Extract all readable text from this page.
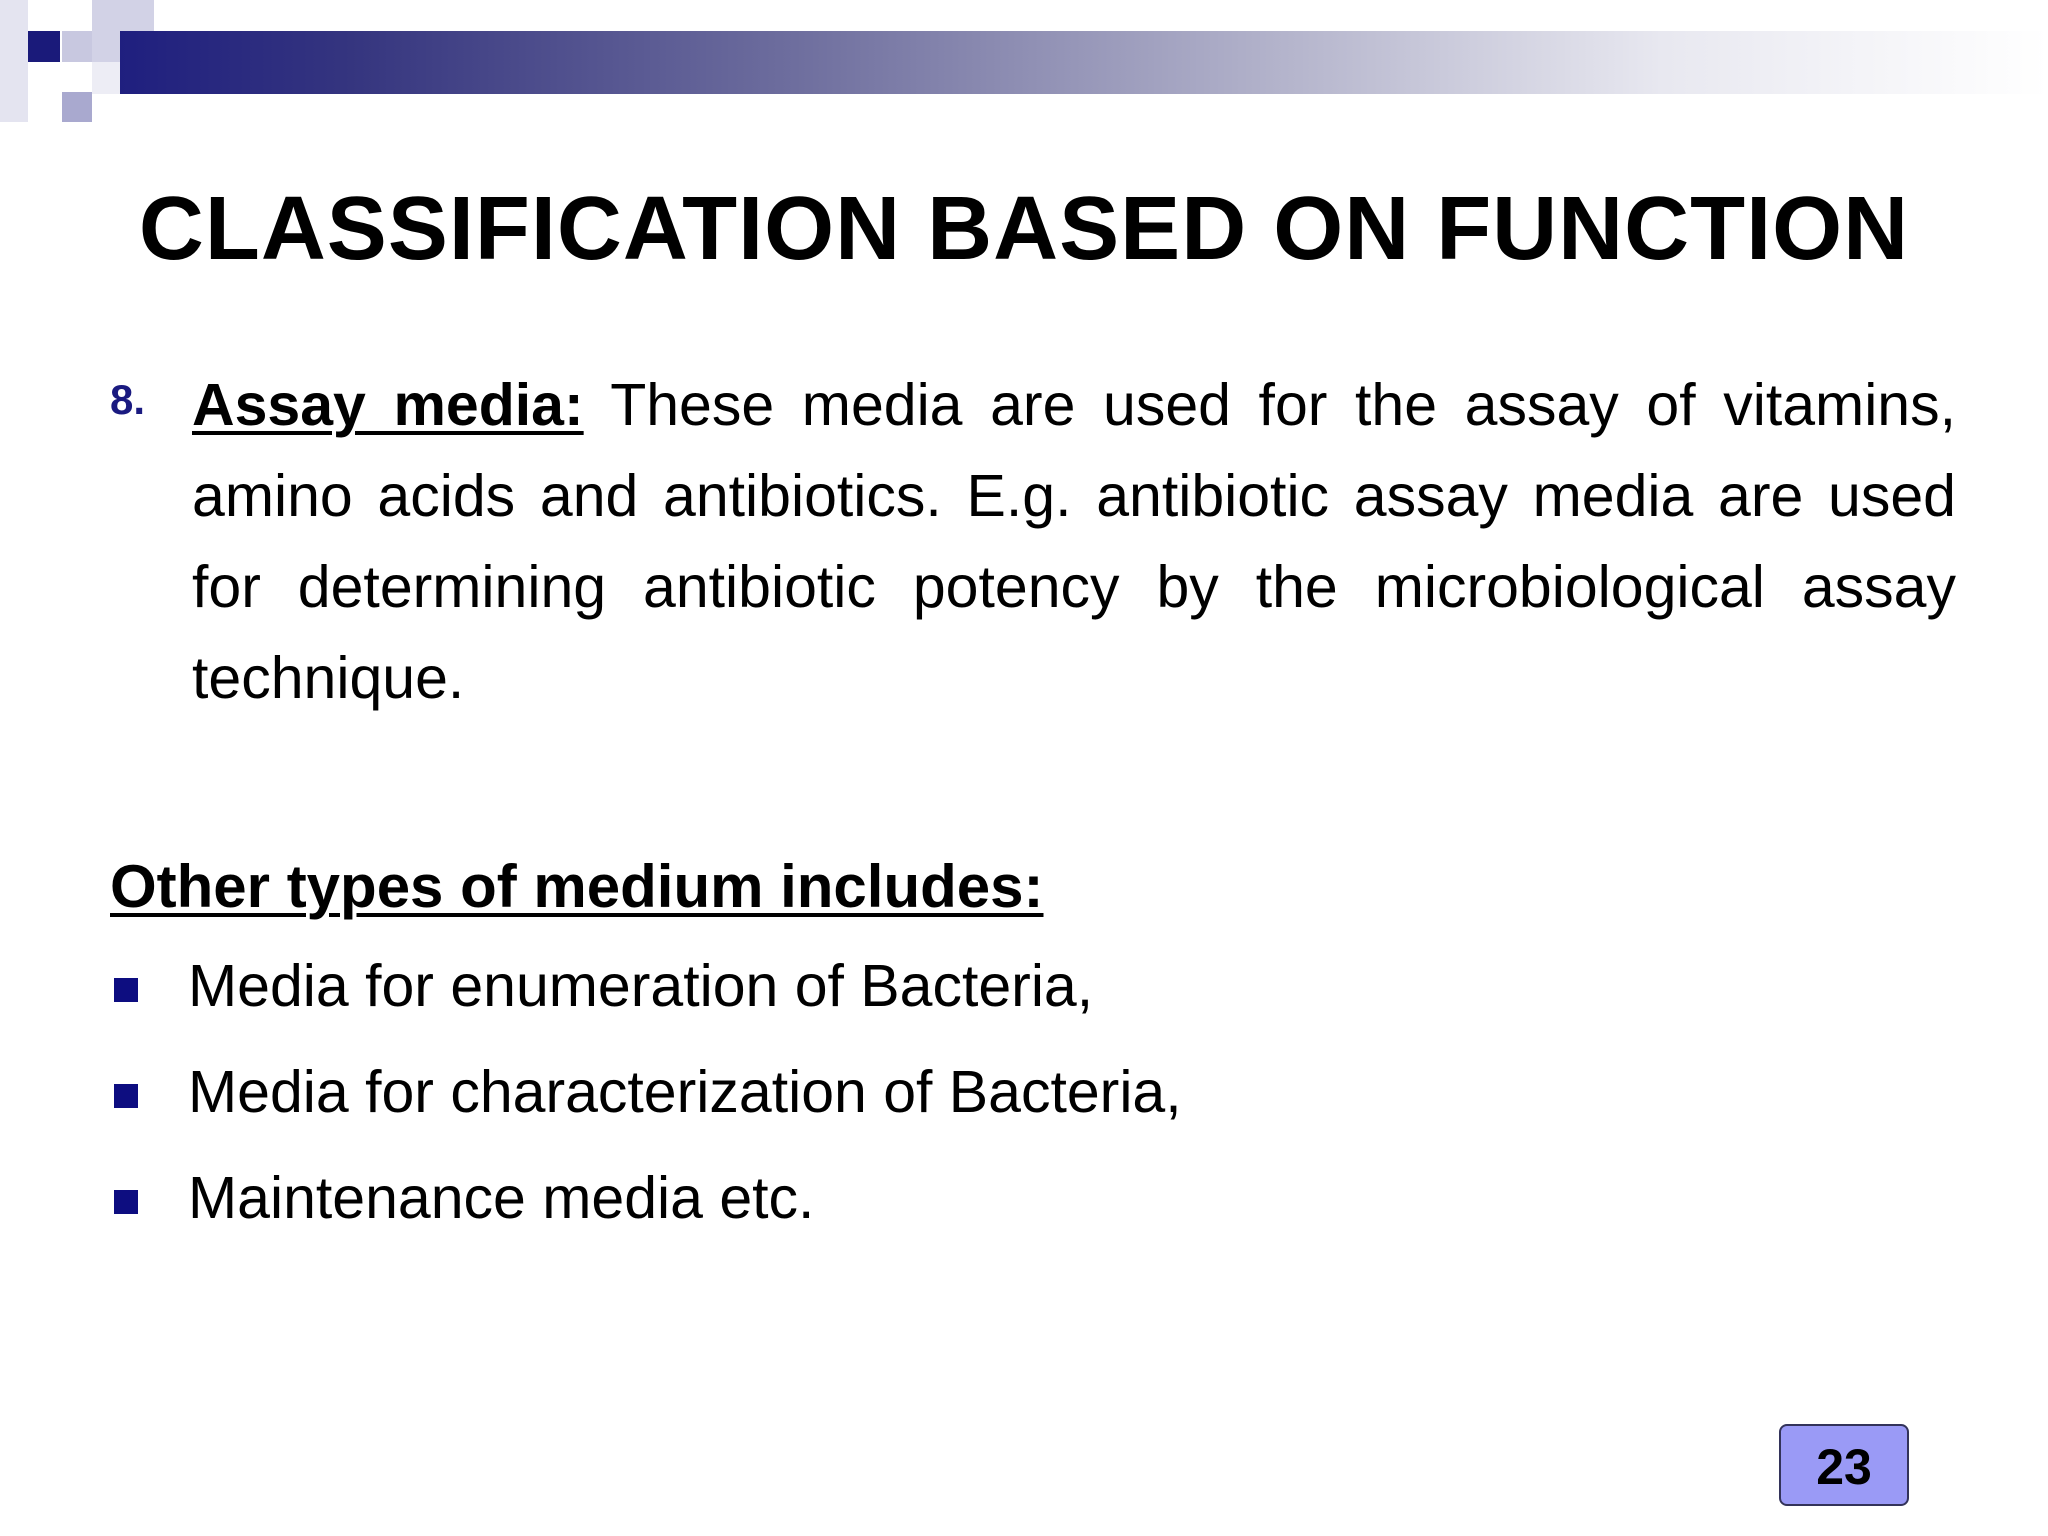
CLASSIFICATION BASED ON FUNCTION
8. Assay media: These media are used for the assay of vitamins, amino acids and antibiotics. E.g. antibiotic assay media are used for determining antibiotic potency by the microbiological assay technique.
Other types of medium includes:
Media for enumeration of Bacteria,
Media for characterization of Bacteria,
Maintenance media etc.
23
